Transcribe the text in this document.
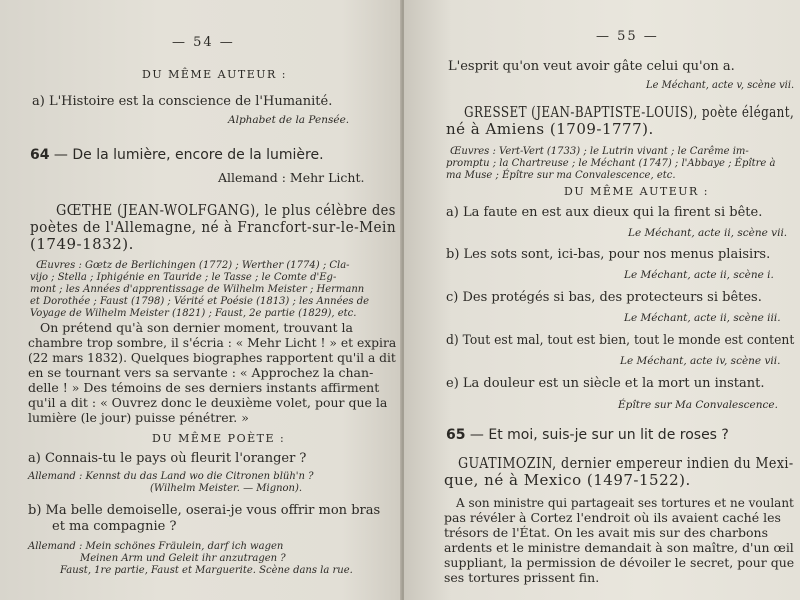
— 54 —
DU MÊME AUTEUR :
a) L'Histoire est la conscience de l'Humanité.
Alphabet de la Pensée.
64 — De la lumière, encore de la lumière.
Allemand : Mehr Licht.
GŒTHE (JEAN-WOLFGANG), le plus célèbre des
poètes de l'Allemagne, né à Francfort-sur-le-Mein
(1749-1832).
Œuvres : Gœtz de Berlichingen (1772) ; Werther (1774) ; Cla-
vijo ; Stella ; Iphigénie en Tauride ; le Tasse ; le Comte d'Eg-
mont ; les Années d'apprentissage de Wilhelm Meister ; Hermann
et Dorothée ; Faust (1798) ; Vérité et Poésie (1813) ; les Années de
Voyage de Wilhelm Meister (1821) ; Faust, 2e partie (1829), etc.
On prétend qu'à son dernier moment, trouvant la
chambre trop sombre, il s'écria : « Mehr Licht ! » et expira
(22 mars 1832). Quelques biographes rapportent qu'il a dit
en se tournant vers sa servante : « Approchez la chan-
delle ! » Des témoins de ses derniers instants affirment
qu'il a dit : « Ouvrez donc le deuxième volet, pour que la
lumière (le jour) puisse pénétrer. »
DU MÊME POÈTE :
a) Connais-tu le pays où fleurit l'oranger ?
Allemand : Kennst du das Land wo die Citronen blüh'n ?
(Wilhelm Meister. — Mignon).
b) Ma belle demoiselle, oserai-je vous offrir mon bras
et ma compagnie ?
Allemand : Mein schönes Fräulein, darf ich wagen
Meinen Arm und Geleit ihr anzutragen ?
Faust, 1re partie, Faust et Marguerite. Scène dans la rue.
— 55 —
L'esprit qu'on veut avoir gâte celui qu'on a.
Le Méchant, acte v, scène vii.
GRESSET (JEAN-BAPTISTE-LOUIS), poète élégant,
né à Amiens (1709-1777).
Œuvres : Vert-Vert (1733) ; le Lutrin vivant ; le Carême im-
promptu ; la Chartreuse ; le Méchant (1747) ; l'Abbaye ; Épître à
ma Muse ; Épître sur ma Convalescence, etc.
DU MÊME AUTEUR :
a) La faute en est aux dieux qui la firent si bête.
Le Méchant, acte ii, scène vii.
b) Les sots sont, ici-bas, pour nos menus plaisirs.
Le Méchant, acte ii, scène i.
c) Des protégés si bas, des protecteurs si bêtes.
Le Méchant, acte ii, scène iii.
d) Tout est mal, tout est bien, tout le monde est content
Le Méchant, acte iv, scène vii.
e) La douleur est un siècle et la mort un instant.
Épître sur Ma Convalescence.
65 — Et moi, suis-je sur un lit de roses ?
GUATIMOZIN, dernier empereur indien du Mexi-
que, né à Mexico (1497-1522).
A son ministre qui partageait ses tortures et ne voulant
pas révéler à Cortez l'endroit où ils avaient caché les
trésors de l'État. On les avait mis sur des charbons
ardents et le ministre demandait à son maître, d'un œil
suppliant, la permission de dévoiler le secret, pour que
ses tortures prissent fin.
